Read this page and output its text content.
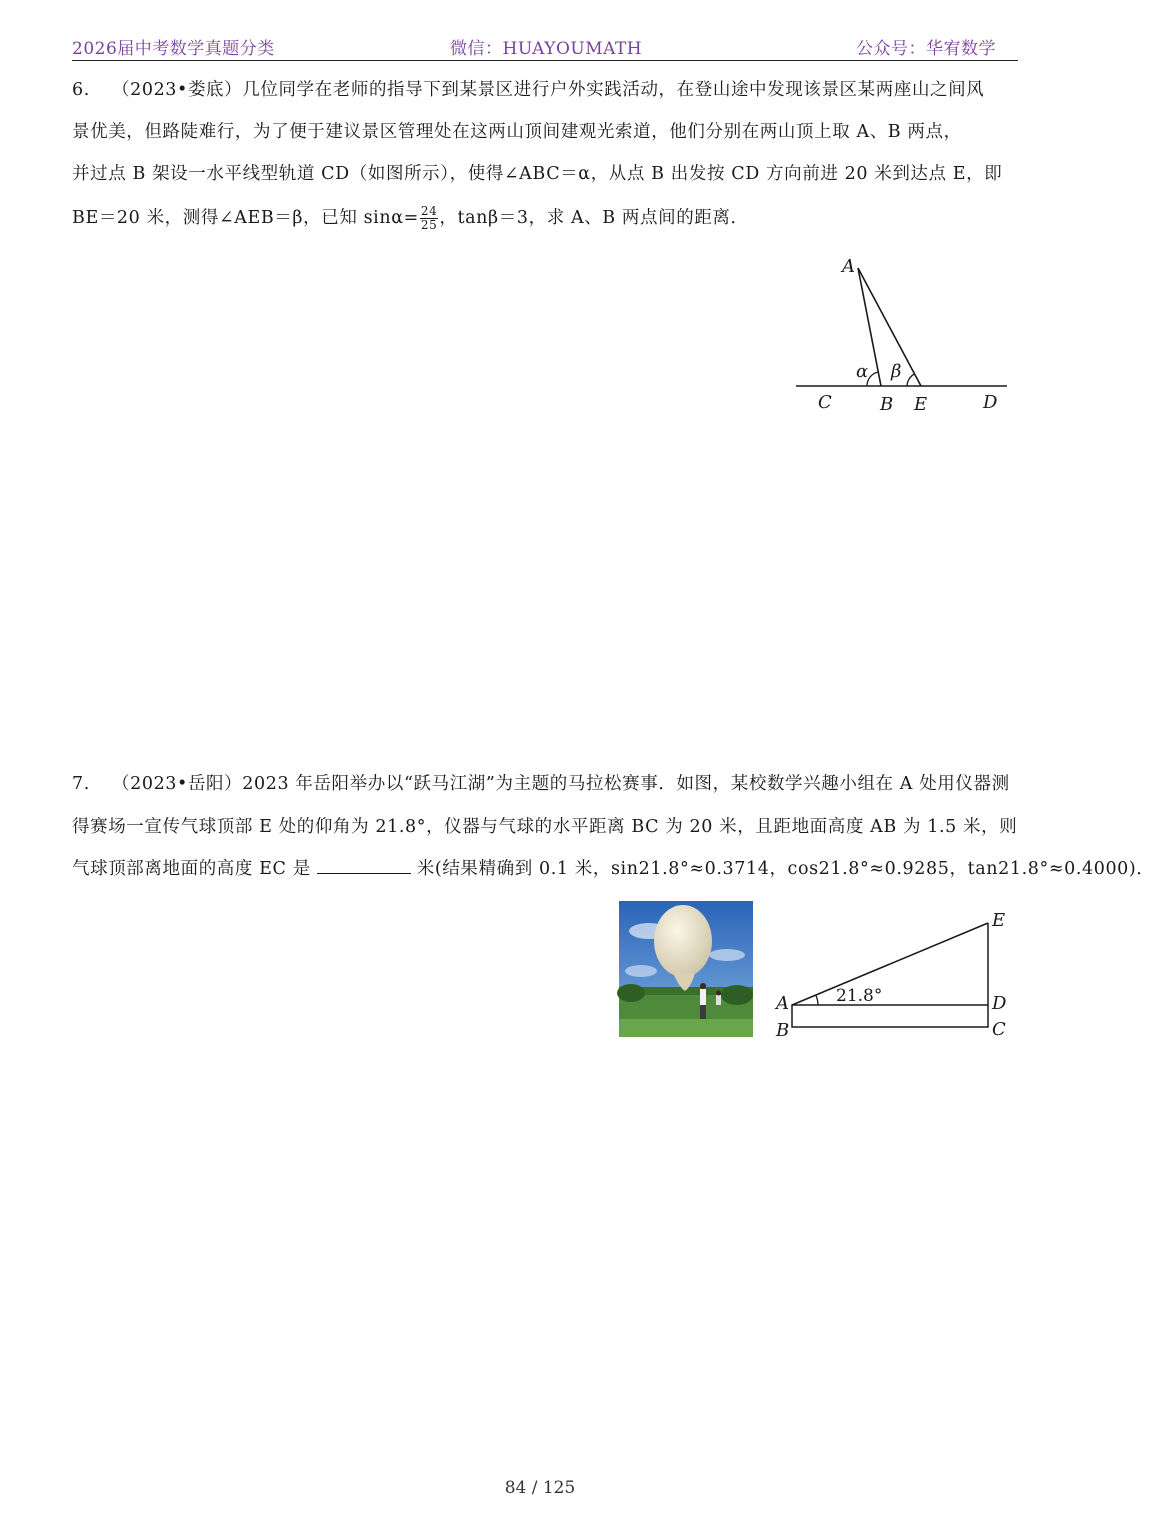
2026届中考数学真题分类	微信：HUAYOUMATH	公众号：华宥数学
6. （2023•娄底）几位同学在老师的指导下到某景区进行户外实践活动，在登山途中发现该景区某两座山之间风
景优美，但路陡难行，为了便于建议景区管理处在这两山顶间建观光索道，他们分别在两山顶上取 A、B 两点，
并过点 B 架设一水平线型轨道 CD（如图所示），使得∠ABC＝α，从点 B 出发按 CD 方向前进 20 米到达点 E，即
BE＝20 米，测得∠AEB＝β，已知 $\sin\alpha= \frac{24}{25}$ ，tanβ＝3，求 A、B 两点间的距离．
A
α β
C	B E	D
7. （2023•岳阳）2023 年岳阳举办以“跃马江湖”为主题的马拉松赛事．如图，某校数学兴趣小组在 A 处用仪器测
得赛场一宣传气球顶部 E 处的仰角为 21.8°，仪器与气球的水平距离 BC 为 20 米，且距地面高度 AB 为 1.5 米，则
气球顶部离地面的高度 EC 是	米(结果精确到 0.1 米，sin21.8°≈0.3714，cos21.8°≈0.9285，tan21.8°≈0.4000)．
21.8°
E
A
B
D
C
84 / 125
